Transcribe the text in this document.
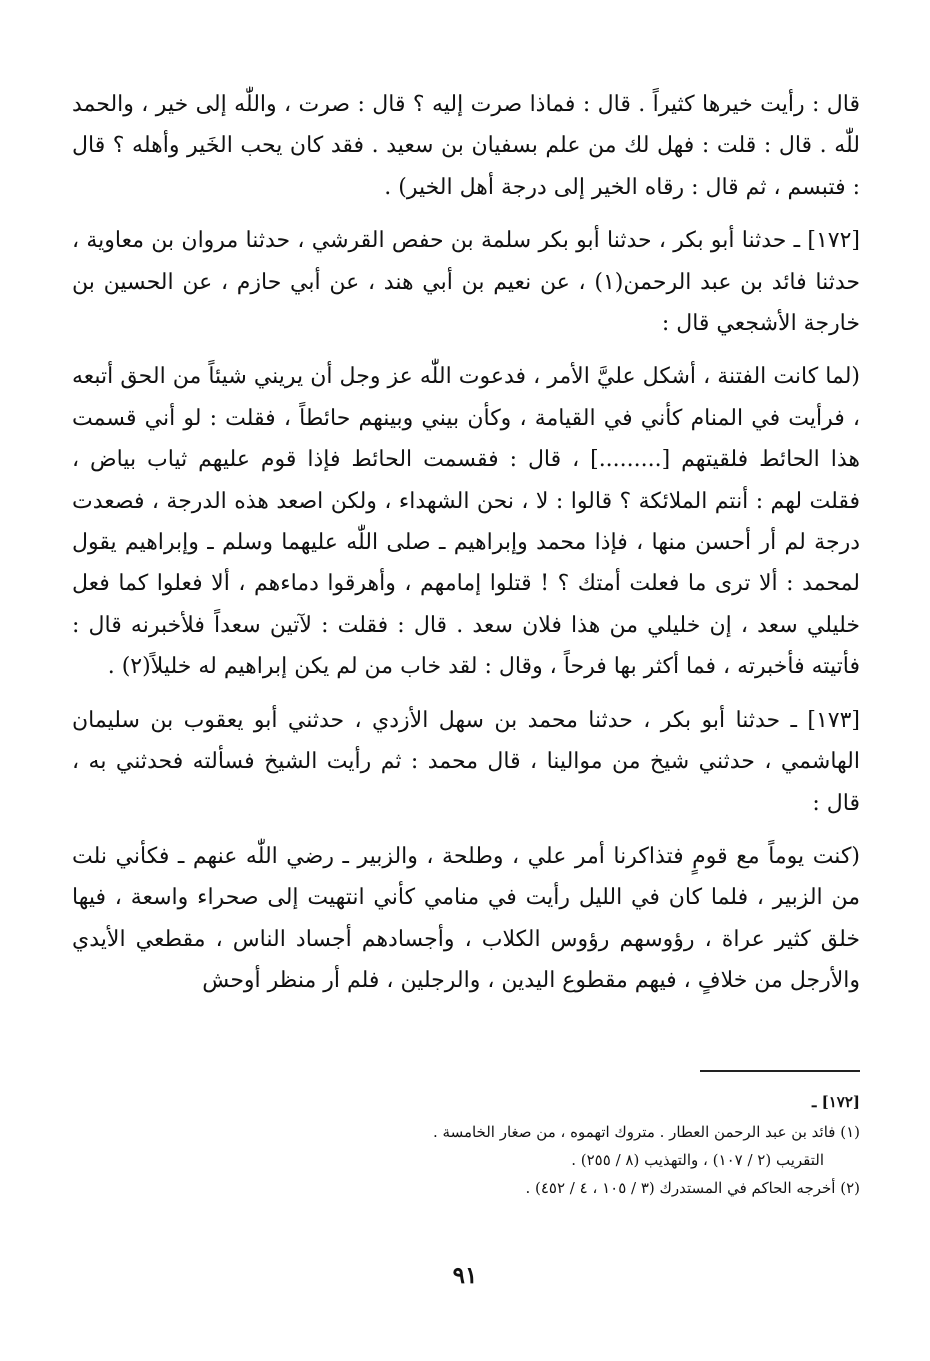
قال : رأيت خيرها كثيراً . قال : فماذا صرت إليه ؟ قال : صرت ، واللّٰه إلى خير ، والحمد للّٰه . قال : قلت : فهل لك من علم بسفيان بن سعيد . فقد كان يحب الخَير وأهله ؟ قال : فتبسم ، ثم قال : رقاه الخير إلى درجة أهل الخير) .

[١٧٢] ـ حدثنا أبو بكر ، حدثنا أبو بكر سلمة بن حفص القرشي ، حدثنا مروان بن معاوية ، حدثنا فائد بن عبد الرحمن(١) ، عن نعيم بن أبي هند ، عن أبي حازم ، عن الحسين بن خارجة الأشجعي قال :

(لما كانت الفتنة ، أشكل عليَّ الأمر ، فدعوت اللّٰه عز وجل أن يريني شيئاً من الحق أتبعه ، فرأيت في المنام كأني في القيامة ، وكأن بيني وبينهم حائطاً ، فقلت : لو أني قسمت هذا الحائط فلقيتهم [.........] ، قال : فقسمت الحائط فإذا قوم عليهم ثياب بياض ، فقلت لهم : أنتم الملائكة ؟ قالوا : لا ، نحن الشهداء ، ولكن اصعد هذه الدرجة ، فصعدت درجة لم أر أحسن منها ، فإذا محمد وإبراهيم ـ صلى اللّٰه عليهما وسلم ـ وإبراهيم يقول لمحمد : ألا ترى ما فعلت أمتك ؟ ! قتلوا إمامهم ، وأهرقوا دماءهم ، ألا فعلوا كما فعل خليلي سعد ، إن خليلي من هذا فلان سعد . قال : فقلت : لآتين سعداً فلأخبرنه قال : فأتيته فأخبرته ، فما أكثر بها فرحاً ، وقال : لقد خاب من لم يكن إبراهيم له خليلاً(٢) .

[١٧٣] ـ حدثنا أبو بكر ، حدثنا محمد بن سهل الأزدي ، حدثني أبو يعقوب بن سليمان الهاشمي ، حدثني شيخ من موالينا ، قال محمد : ثم رأيت الشيخ فسألته فحدثني به ، قال :

(كنت يوماً مع قومٍ فتذاكرنا أمر علي ، وطلحة ، والزبير ـ رضي اللّٰه عنهم ـ فكأني نلت من الزبير ، فلما كان في الليل رأيت في منامي كأني انتهيت إلى صحراء واسعة ، فيها خلق كثير عراة ، رؤوسهم رؤوس الكلاب ، وأجسادهم أجساد الناس ، مقطعي الأيدي والأرجل من خلافٍ ، فيهم مقطوع اليدين ، والرجلين ، فلم أر منظر أوحش

[١٧٢] ـ

(١) فائد بن عبد الرحمن العطار . متروك اتهموه ، من صغار الخامسة .

التقريب (٢ / ١٠٧) ، والتهذيب (٨ / ٢٥٥) .

(٢) أخرجه الحاكم في المستدرك (٣ / ١٠٥ ، ٤ / ٤٥٢) .

٩١
